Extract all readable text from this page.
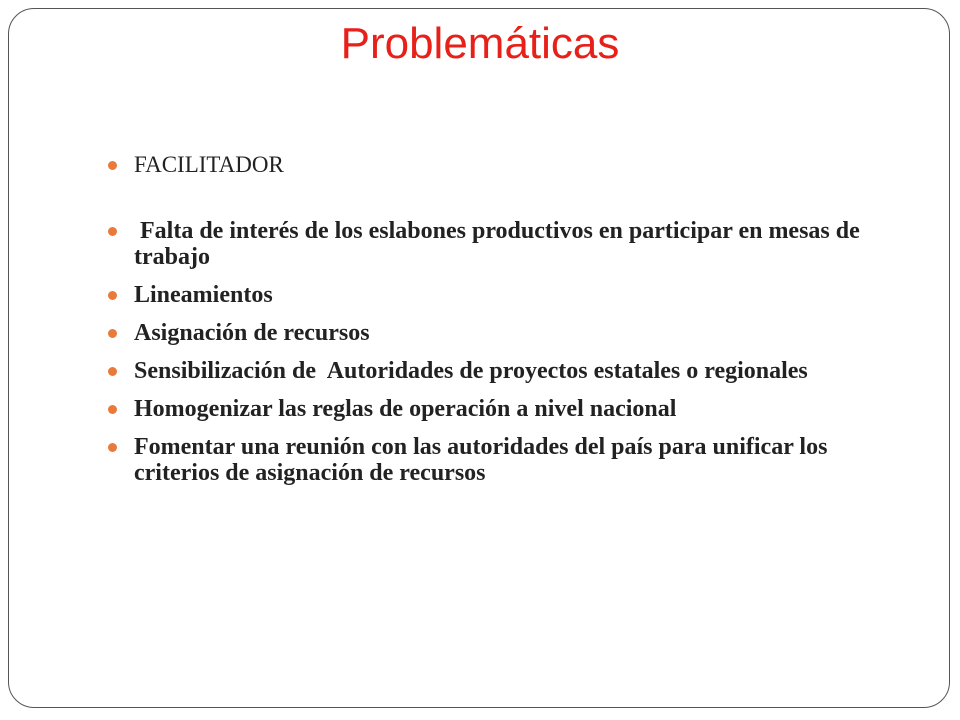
Problemáticas
FACILITADOR
Falta de interés de los eslabones productivos en participar en mesas de trabajo
Lineamientos
Asignación de recursos
Sensibilización de  Autoridades de proyectos estatales o regionales
Homogenizar las reglas de operación a nivel nacional
Fomentar una reunión con las autoridades del país para unificar los criterios de asignación de recursos
